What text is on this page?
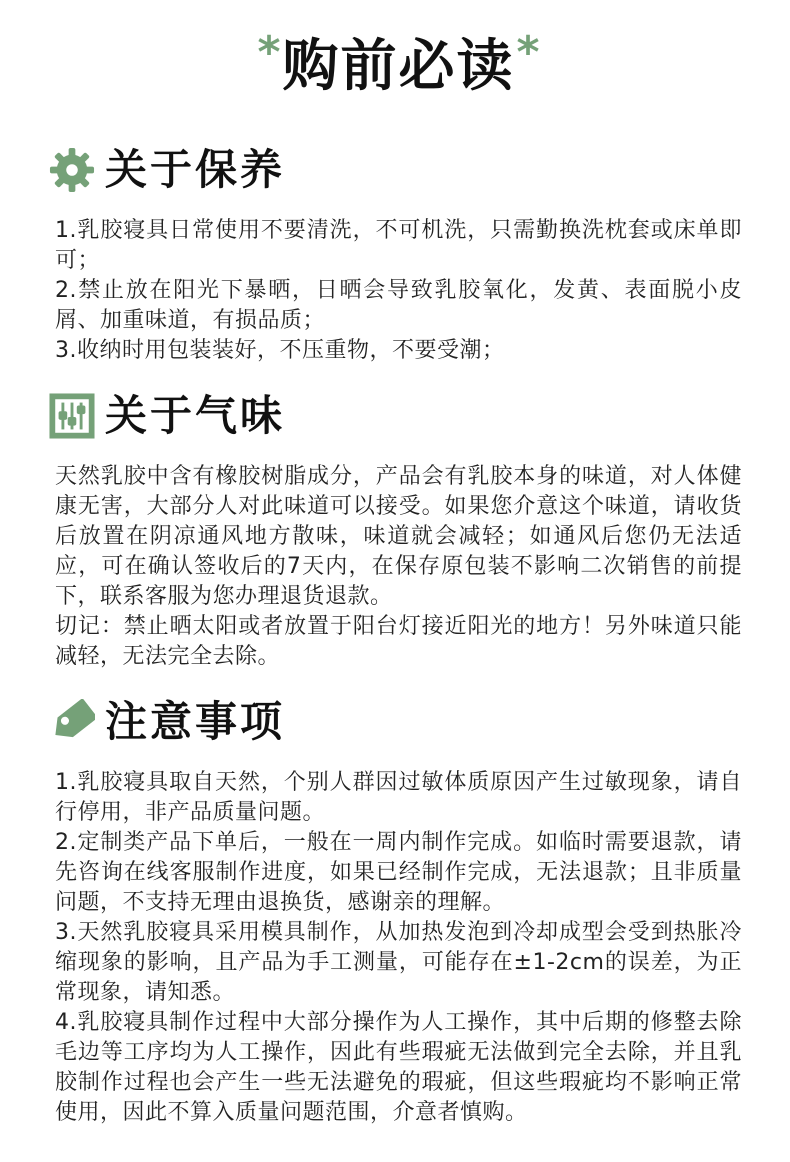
*购前必读*
关于保养

1.乳胶寝具日常使用不要清洗，不可机洗，只需勤换洗枕套或床单即可；

2.禁止放在阳光下暴晒，日晒会导致乳胶氧化，发黄、表面脱小皮屑、加重味道，有损品质；

3.收纳时用包装装好，不压重物，不要受潮；

关于气味

天然乳胶中含有橡胶树脂成分，产品会有乳胶本身的味道，对人体健康无害，大部分人对此味道可以接受。如果您介意这个味道，请收货后放置在阴凉通风地方散味，味道就会减轻；如通风后您仍无法适应，可在确认签收后的7天内，在保存原包装不影响二次销售的前提下，联系客服为您办理退货退款。

切记：禁止晒太阳或者放置于阳台灯接近阳光的地方！另外味道只能减轻，无法完全去除。

注意事项

1.乳胶寝具取自天然，个别人群因过敏体质原因产生过敏现象，请自行停用，非产品质量问题。

2.定制类产品下单后，一般在一周内制作完成。如临时需要退款，请先咨询在线客服制作进度，如果已经制作完成，无法退款；且非质量问题，不支持无理由退换货，感谢亲的理解。

3.天然乳胶寝具采用模具制作，从加热发泡到冷却成型会受到热胀冷缩现象的影响，且产品为手工测量，可能存在±1-2cm的误差，为正常现象，请知悉。

4.乳胶寝具制作过程中大部分操作为人工操作，其中后期的修整去除毛边等工序均为人工操作，因此有些瑕疵无法做到完全去除，并且乳胶制作过程也会产生一些无法避免的瑕疵，但这些瑕疵均不影响正常使用，因此不算入质量问题范围，介意者慎购。
